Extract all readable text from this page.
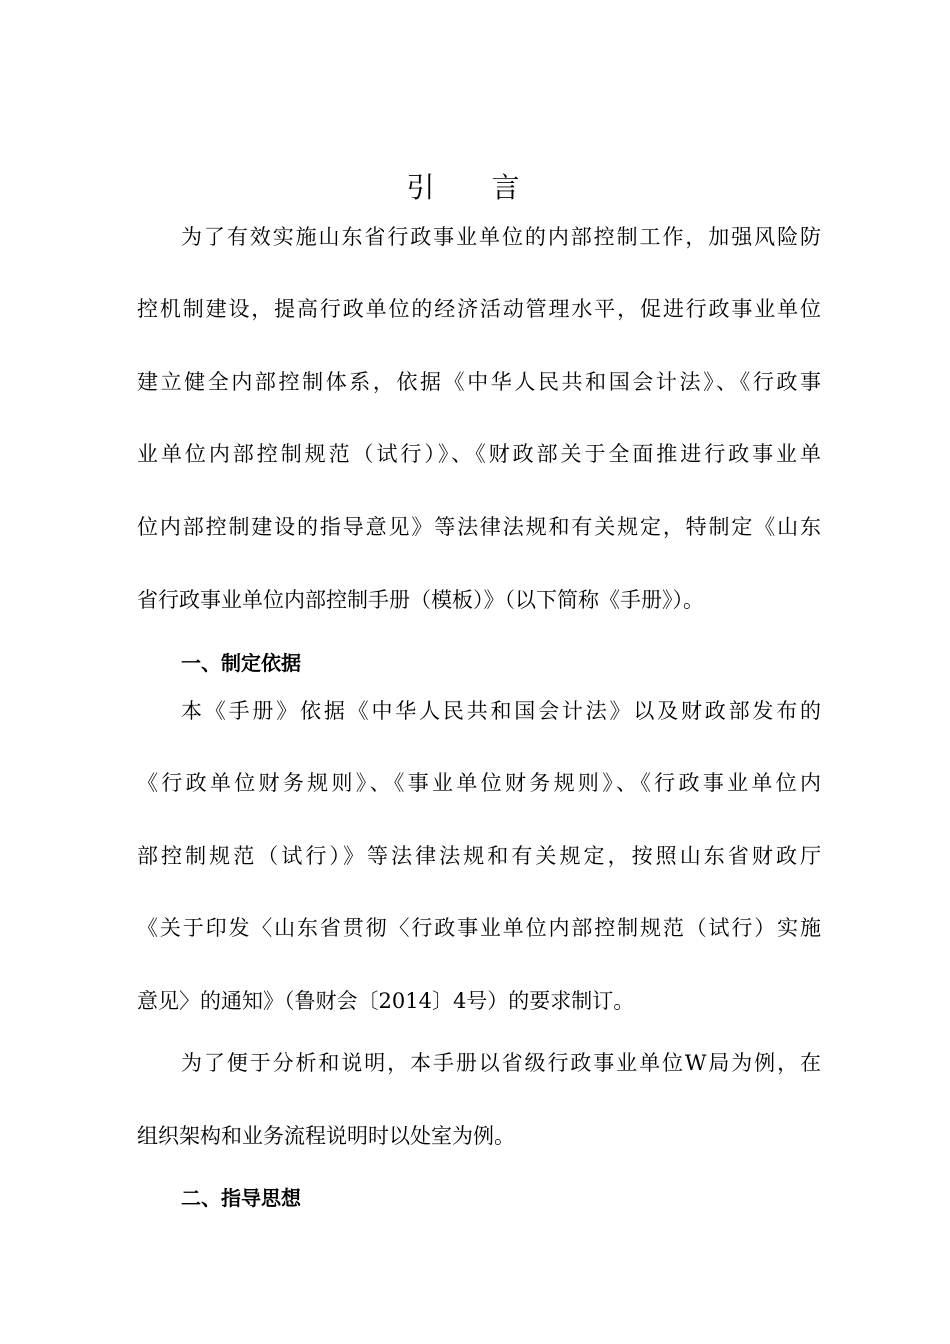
引 言
为了有效实施山东省行政事业单位的内部控制工作，加强风险防
控机制建设，提高行政单位的经济活动管理水平，促进行政事业单位
建立健全内部控制体系，依据《中华人民共和国会计法》、《行政事
业单位内部控制规范（试行）》、《财政部关于全面推进行政事业单
位内部控制建设的指导意见》等法律法规和有关规定，特制定《山东
省行政事业单位内部控制手册（模板）》（以下简称《手册》）。
一、制定依据
本《手册》依据《中华人民共和国会计法》以及财政部发布的
《行政单位财务规则》、《事业单位财务规则》、《行政事业单位内
部控制规范（试行）》等法律法规和有关规定，按照山东省财政厅
《关于印发〈山东省贯彻〈行政事业单位内部控制规范（试行）实施
意见〉的通知》（鲁财会〔2014〕4号）的要求制订。
为了便于分析和说明，本手册以省级行政事业单位W局为例，在
组织架构和业务流程说明时以处室为例。
二、指导思想
